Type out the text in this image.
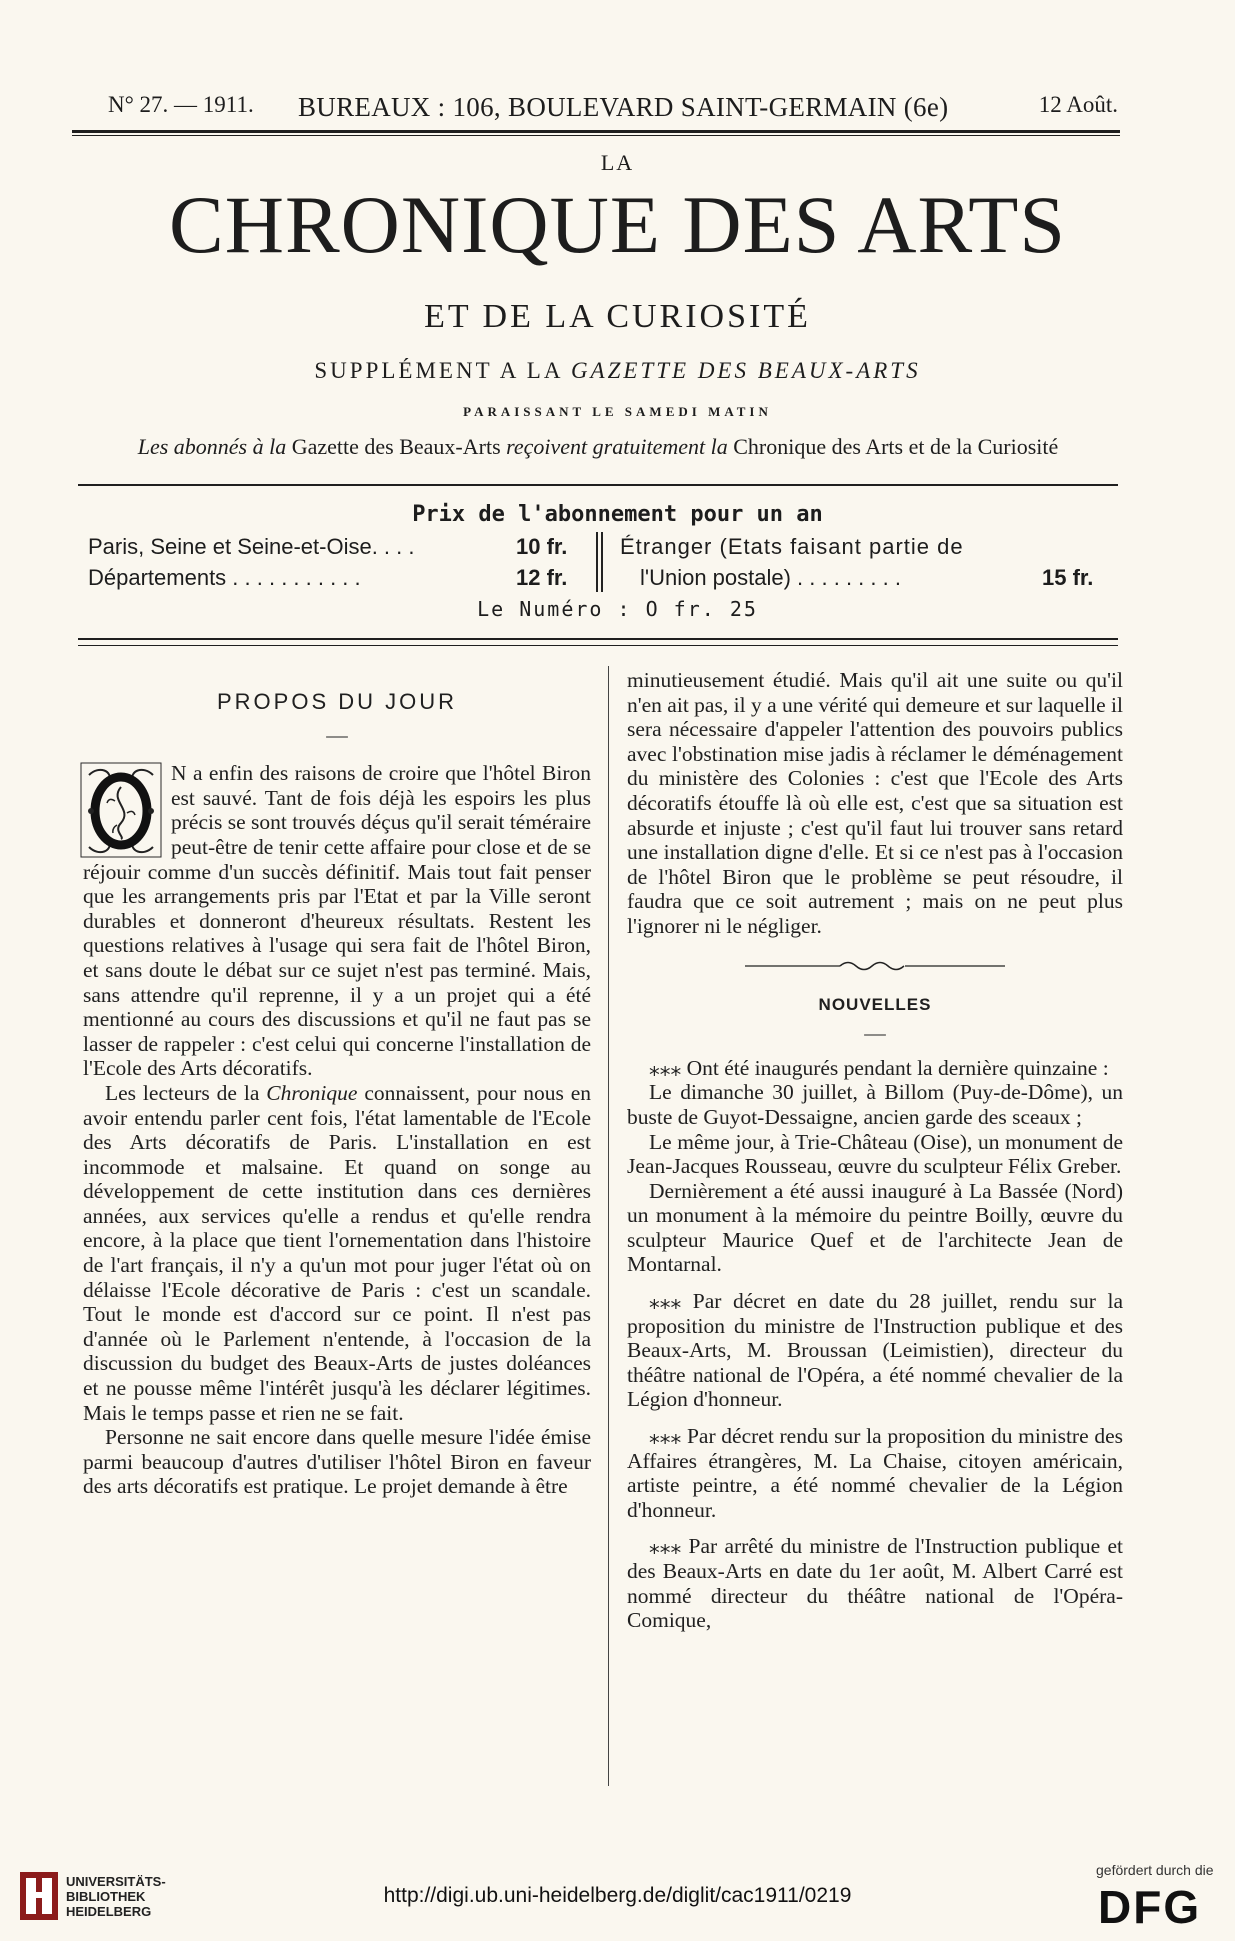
N° 27. — 1911. BUREAUX : 106, BOULEVARD SAINT-GERMAIN (6e)	12 Août.
LA
CHRONIQUE DES ARTS
ET DE LA CURIOSITÉ
SUPPLÉMENT A LA GAZETTE DES BEAUX-ARTS
PARAISSANT LE SAMEDI MATIN
Les abonnés à la Gazette des Beaux-Arts reçoivent gratuitement la Chronique des Arts et de la Curiosité
Prix de l'abonnement pour un an
Paris, Seine et Seine-et-Oise. . . .	10 fr.
Départements . . . . . . . . . . .	12 fr.
Étranger (Etats faisant partie de
l'Union postale) . . . . . . . . .	15 fr.
Le Numéro : O fr. 25
PROPOS DU JOUR
—

N a enfin des raisons de croire que l'hôtel Biron est sauvé. Tant de fois déjà les espoirs les plus précis se sont trouvés déçus qu'il serait téméraire peut-être de tenir cette affaire pour close et de se réjouir comme d'un succès définitif. Mais tout fait penser que les arrangements pris par l'Etat et par la Ville seront durables et donneront d'heureux résultats. Restent les questions relatives à l'usage qui sera fait de l'hôtel Biron, et sans doute le débat sur ce sujet n'est pas terminé. Mais, sans attendre qu'il reprenne, il y a un projet qui a été mentionné au cours des discussions et qu'il ne faut pas se lasser de rappeler : c'est celui qui concerne l'installation de l'Ecole des Arts décoratifs.

Les lecteurs de la Chronique connaissent, pour nous en avoir entendu parler cent fois, l'état lamentable de l'Ecole des Arts décoratifs de Paris. L'installation en est incommode et malsaine. Et quand on songe au développement de cette institution dans ces dernières années, aux services qu'elle a rendus et qu'elle rendra encore, à la place que tient l'ornementation dans l'histoire de l'art français, il n'y a qu'un mot pour juger l'état où on délaisse l'Ecole décorative de Paris : c'est un scandale. Tout le monde est d'accord sur ce point. Il n'est pas d'année où le Parlement n'entende, à l'occasion de la discussion du budget des Beaux-Arts de justes doléances et ne pousse même l'intérêt jusqu'à les déclarer légitimes. Mais le temps passe et rien ne se fait.

Personne ne sait encore dans quelle mesure l'idée émise parmi beaucoup d'autres d'utiliser l'hôtel Biron en faveur des arts décoratifs est pratique. Le projet demande à être

minutieusement étudié. Mais qu'il ait une suite ou qu'il n'en ait pas, il y a une vérité qui demeure et sur laquelle il sera nécessaire d'appeler l'attention des pouvoirs publics avec l'obstination mise jadis à réclamer le déménagement du ministère des Colonies : c'est que l'Ecole des Arts décoratifs étouffe là où elle est, c'est que sa situation est absurde et injuste ; c'est qu'il faut lui trouver sans retard une installation digne d'elle. Et si ce n'est pas à l'occasion de l'hôtel Biron que le problème se peut résoudre, il faudra que ce soit autrement ; mais on ne peut plus l'ignorer ni le négliger.

NOUVELLES
—

⁎⁎⁎ Ont été inaugurés pendant la dernière quinzaine :

Le dimanche 30 juillet, à Billom (Puy-de-Dôme), un buste de Guyot-Dessaigne, ancien garde des sceaux ;

Le même jour, à Trie-Château (Oise), un monument de Jean-Jacques Rousseau, œuvre du sculpteur Félix Greber.

Dernièrement a été aussi inauguré à La Bassée (Nord) un monument à la mémoire du peintre Boilly, œuvre du sculpteur Maurice Quef et de l'architecte Jean de Montarnal.

⁎⁎⁎ Par décret en date du 28 juillet, rendu sur la proposition du ministre de l'Instruction publique et des Beaux-Arts, M. Broussan (Leimistien), directeur du théâtre national de l'Opéra, a été nommé chevalier de la Légion d'honneur.

⁎⁎⁎ Par décret rendu sur la proposition du ministre des Affaires étrangères, M. La Chaise, citoyen américain, artiste peintre, a été nommé chevalier de la Légion d'honneur.

⁎⁎⁎ Par arrêté du ministre de l'Instruction publique et des Beaux-Arts en date du 1er août, M. Albert Carré est nommé directeur du théâtre national de l'Opéra-Comique,

UNIVERSITÄTS-
BIBLIOTHEK
HEIDELBERG
http://digi.ub.uni-heidelberg.de/diglit/cac1911/0219
gefördert durch die
DFG
